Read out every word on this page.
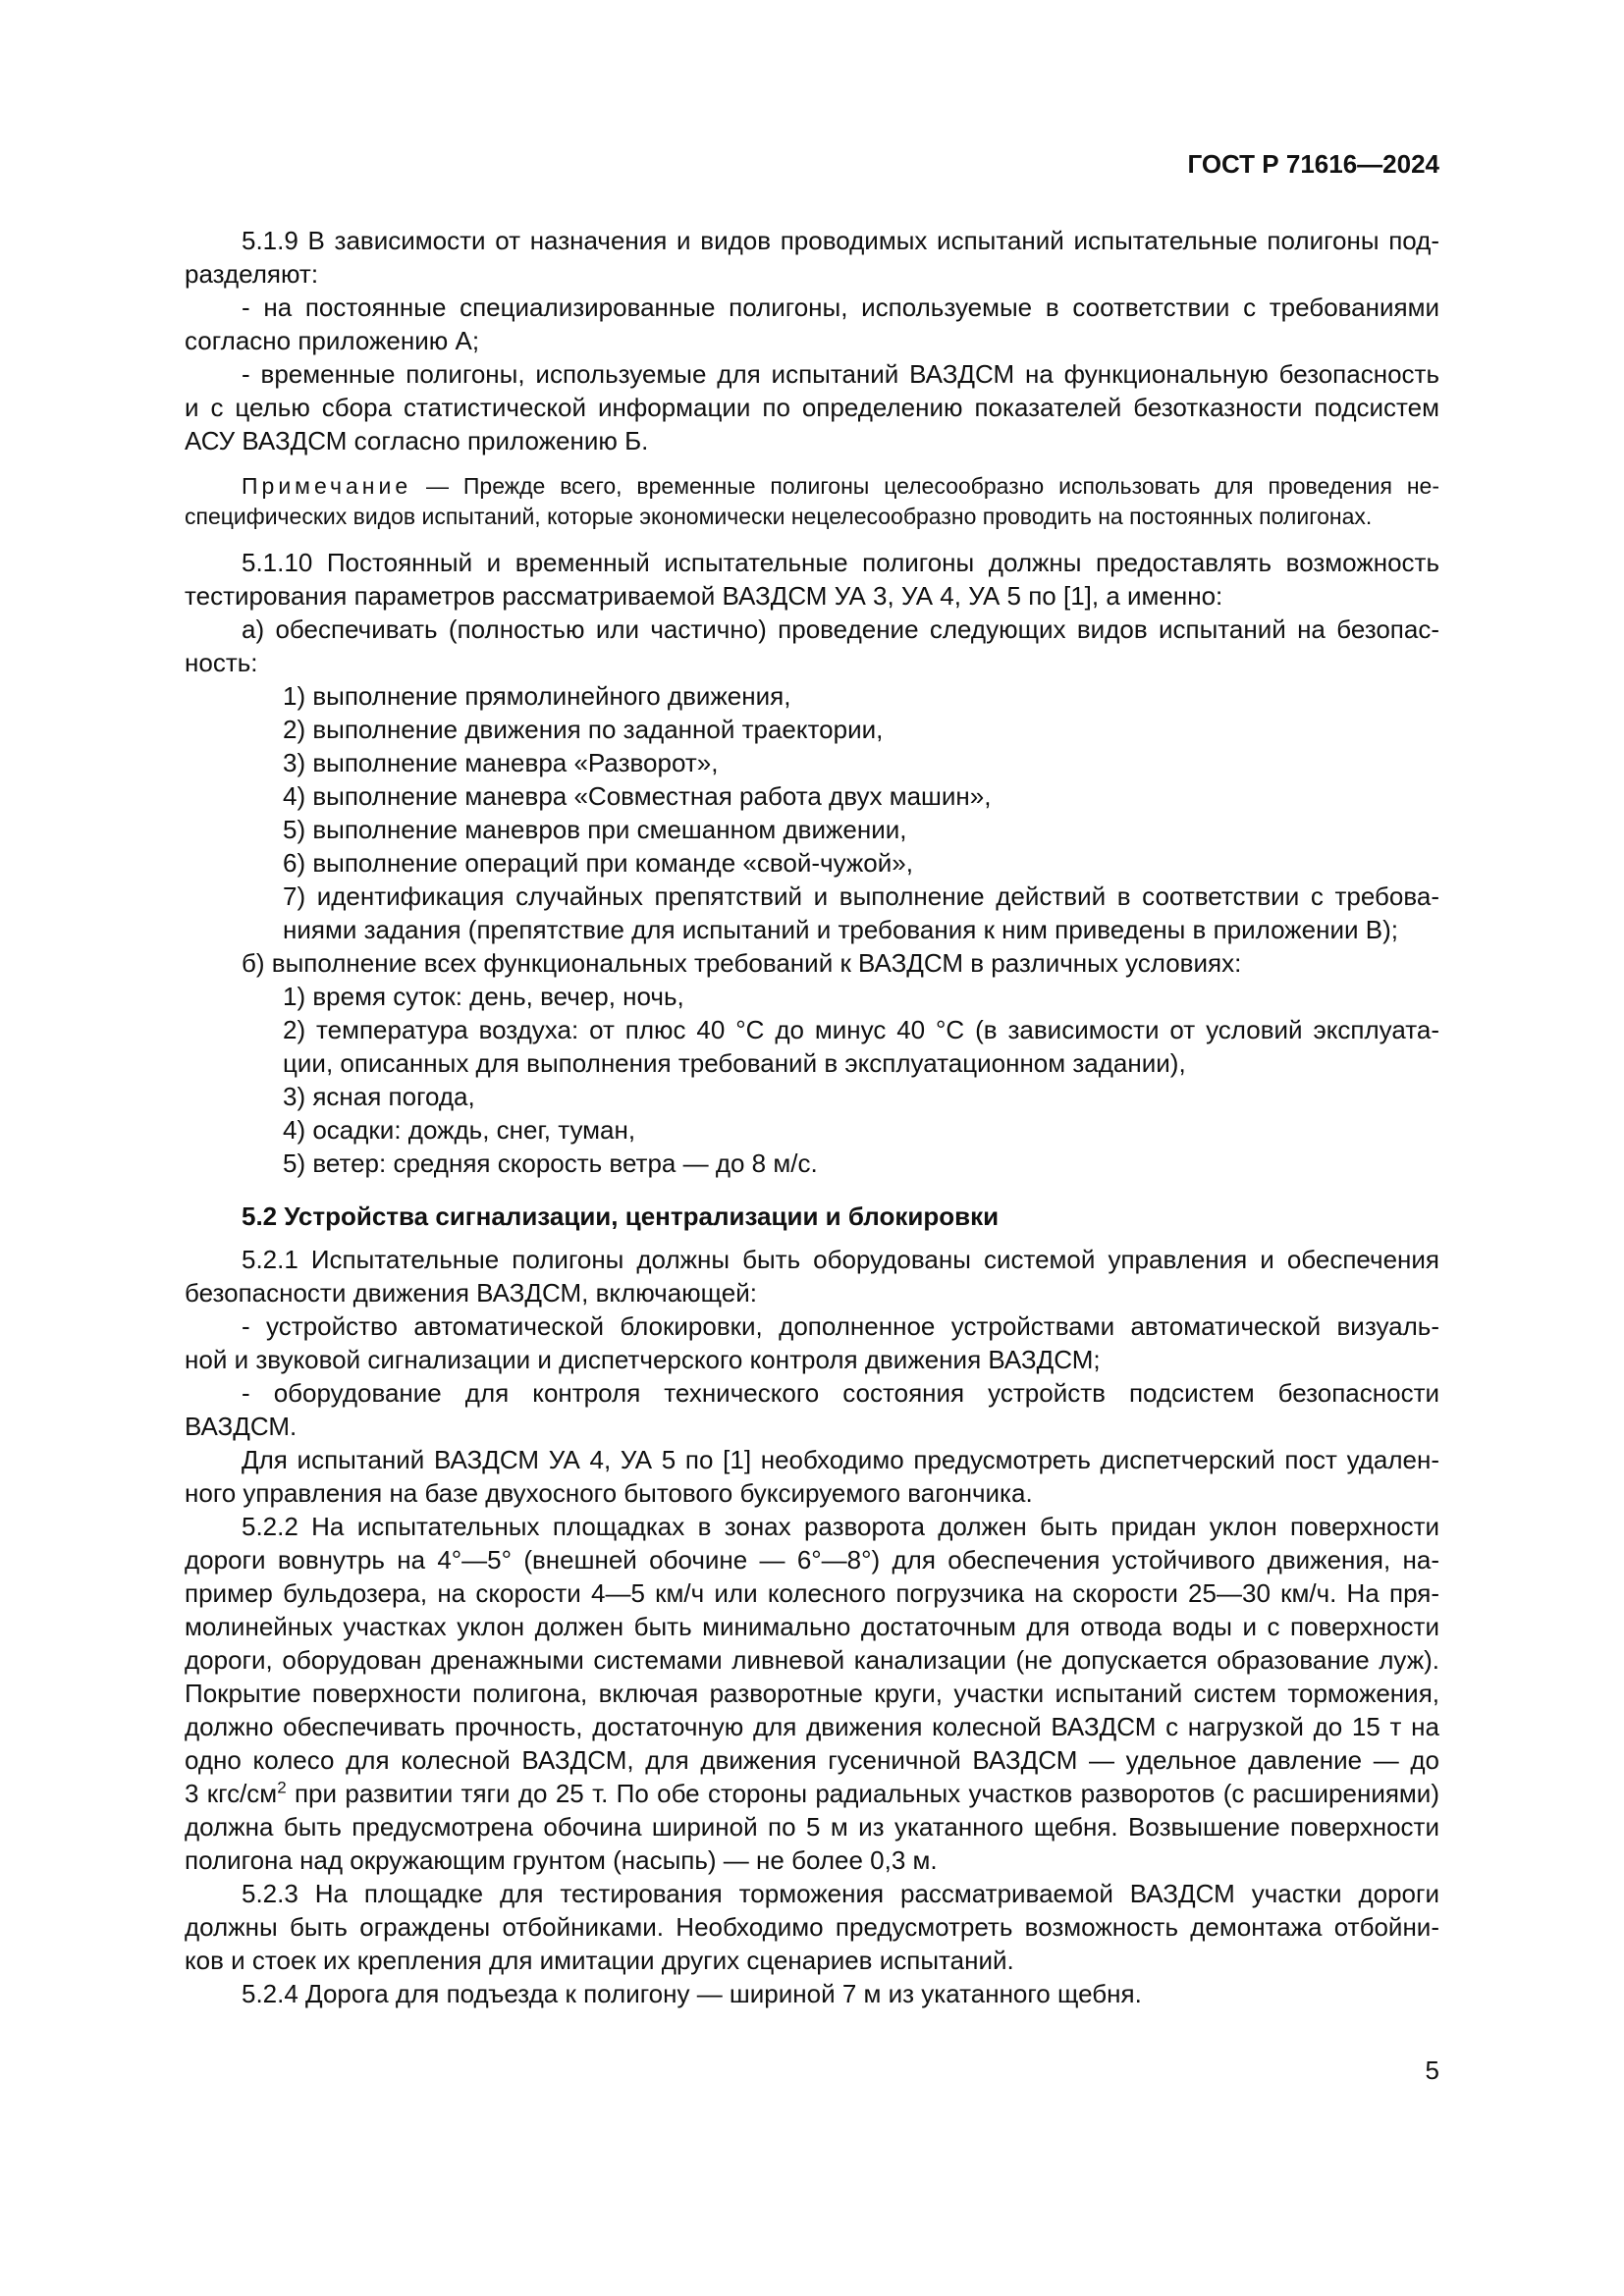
ГОСТ Р 71616—2024
5.1.9 В зависимости от назначения и видов проводимых испытаний испытательные полигоны под-
разделяют:
- на постоянные специализированные полигоны, используемые в соответствии с требованиями
согласно приложению А;
- временные полигоны, используемые для испытаний ВАЗДСМ на функциональную безопасность
и с целью сбора статистической информации по определению показателей безотказности подсистем
АСУ ВАЗДСМ согласно приложению Б.
Примечание — Прежде всего, временные полигоны целесообразно использовать для проведения не-
специфических видов испытаний, которые экономически нецелесообразно проводить на постоянных полигонах.
5.1.10 Постоянный и временный испытательные полигоны должны предоставлять возможность
тестирования параметров рассматриваемой ВАЗДСМ УА 3, УА 4, УА 5 по [1], а именно:
а) обеспечивать (полностью или частично) проведение следующих видов испытаний на безопас-
ность:
1) выполнение прямолинейного движения,
2) выполнение движения по заданной траектории,
3) выполнение маневра «Разворот»,
4) выполнение маневра «Совместная работа двух машин»,
5) выполнение маневров при смешанном движении,
6) выполнение операций при команде «свой-чужой»,
7) идентификация случайных препятствий и выполнение действий в соответствии с требова-
ниями задания (препятствие для испытаний и требования к ним приведены в приложении В);
б) выполнение всех функциональных требований к ВАЗДСМ в различных условиях:
1) время суток: день, вечер, ночь,
2) температура воздуха: от плюс 40 °С до минус 40 °С (в зависимости от условий эксплуата-
ции, описанных для выполнения требований в эксплуатационном задании),
3) ясная погода,
4) осадки: дождь, снег, туман,
5) ветер: средняя скорость ветра — до 8 м/с.
5.2 Устройства сигнализации, централизации и блокировки
5.2.1 Испытательные полигоны должны быть оборудованы системой управления и обеспечения
безопасности движения ВАЗДСМ, включающей:
- устройство автоматической блокировки, дополненное устройствами автоматической визуаль-
ной и звуковой сигнализации и диспетчерского контроля движения ВАЗДСМ;
- оборудование для контроля технического состояния устройств подсистем безопасности
ВАЗДСМ.
Для испытаний ВАЗДСМ УА 4, УА 5 по [1] необходимо предусмотреть диспетчерский пост удален-
ного управления на базе двухосного бытового буксируемого вагончика.
5.2.2 На испытательных площадках в зонах разворота должен быть придан уклон поверхности
дороги вовнутрь на 4°—5° (внешней обочине — 6°—8°) для обеспечения устойчивого движения, на-
пример бульдозера, на скорости 4—5 км/ч или колесного погрузчика на скорости 25—30 км/ч. На пря-
молинейных участках уклон должен быть минимально достаточным для отвода воды и с поверхности
дороги, оборудован дренажными системами ливневой канализации (не допускается образование луж).
Покрытие поверхности полигона, включая разворотные круги, участки испытаний систем торможения,
должно обеспечивать прочность, достаточную для движения колесной ВАЗДСМ с нагрузкой до 15 т на
одно колесо для колесной ВАЗДСМ, для движения гусеничной ВАЗДСМ — удельное давление — до
3 кгс/$см^2$ при развитии тяги до 25 т. По обе стороны радиальных участков разворотов (с расширениями)
должна быть предусмотрена обочина шириной по 5 м из укатанного щебня. Возвышение поверхности
полигона над окружающим грунтом (насыпь) — не более 0,3 м.
5.2.3 На площадке для тестирования торможения рассматриваемой ВАЗДСМ участки дороги
должны быть ограждены отбойниками. Необходимо предусмотреть возможность демонтажа отбойни-
ков и стоек их крепления для имитации других сценариев испытаний.
5.2.4 Дорога для подъезда к полигону — шириной 7 м из укатанного щебня.
5
